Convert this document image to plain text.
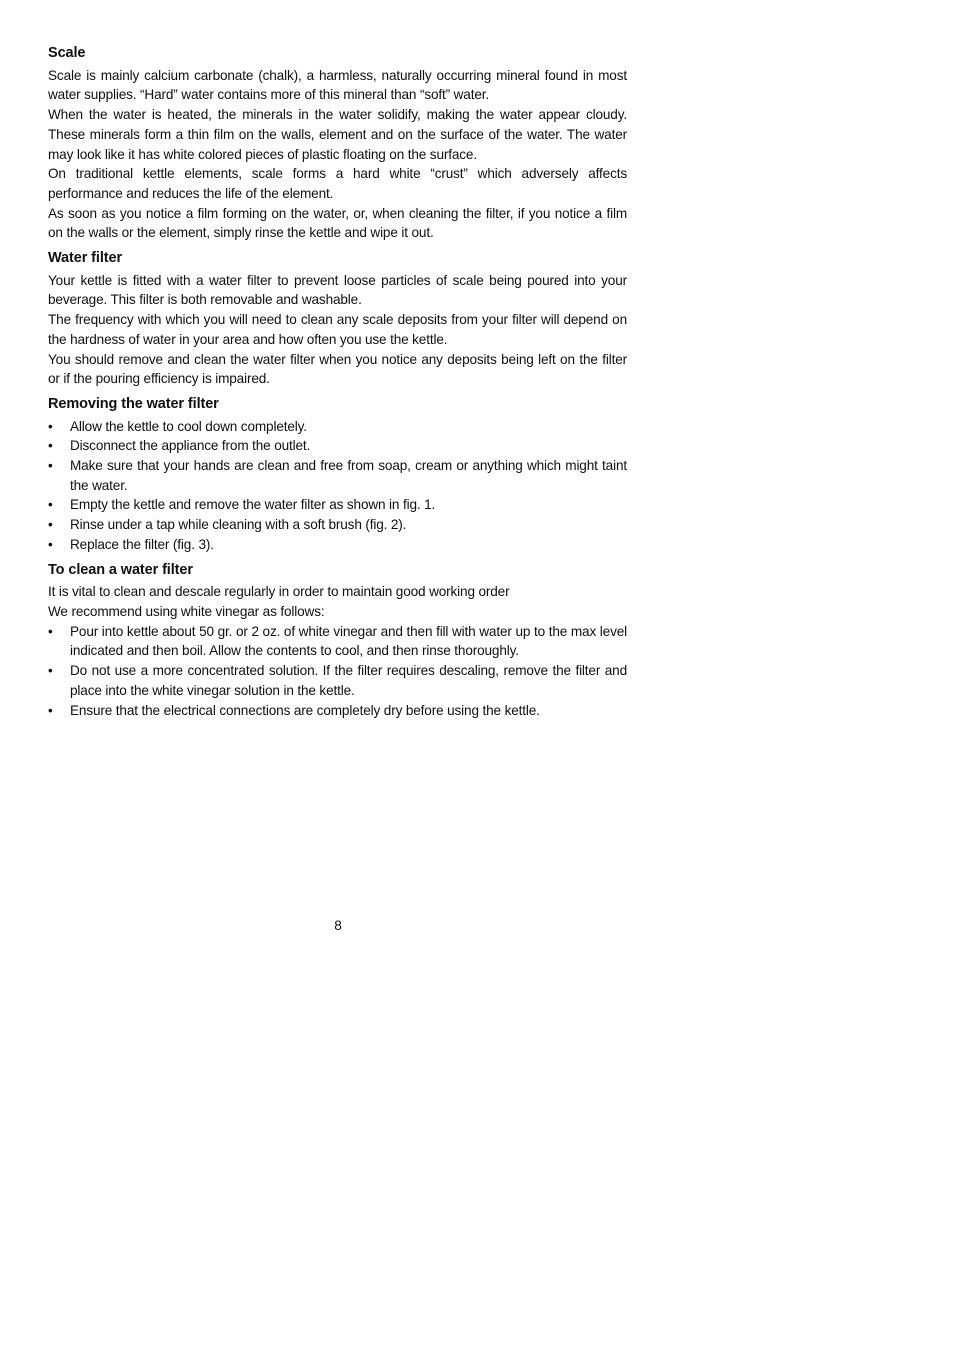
Scale

Scale is mainly calcium carbonate (chalk), a harmless, naturally occurring mineral found in most water supplies. “Hard” water contains more of this mineral than “soft” water.

When the water is heated, the minerals in the water solidify, making the water appear cloudy. These minerals form a thin film on the walls, element and on the surface of the water. The water may look like it has white colored pieces of plastic floating on the surface.

On traditional kettle elements, scale forms a hard white “crust” which adversely affects performance and reduces the life of the element.

As soon as you notice a film forming on the water, or, when cleaning the filter, if you notice a film on the walls or the element, simply rinse the kettle and wipe it out.

Water filter

Your kettle is fitted with a water filter to prevent loose particles of scale being poured into your beverage. This filter is both removable and washable.

The frequency with which you will need to clean any scale deposits from your filter will depend on the hardness of water in your area and how often you use the kettle.

You should remove and clean the water filter when you notice any deposits being left on the filter or if the pouring efficiency is impaired.

Removing the water filter
• Allow the kettle to cool down completely.
• Disconnect the appliance from the outlet.
• Make sure that your hands are clean and free from soap, cream or anything which might taint the water.
• Empty the kettle and remove the water filter as shown in fig. 1.
• Rinse under a tap while cleaning with a soft brush (fig. 2).
• Replace the filter (fig. 3).
To clean a water filter

It is vital to clean and descale regularly in order to maintain good working order

We recommend using white vinegar as follows:

• Pour into kettle about 50 gr. or 2 oz. of white vinegar and then fill with water up to the max level indicated and then boil. Allow the contents to cool, and then rinse thoroughly.
• Do not use a more concentrated solution. If the filter requires descaling, remove the filter and place into the white vinegar solution in the kettle.
• Ensure that the electrical connections are completely dry before using the kettle.
8
